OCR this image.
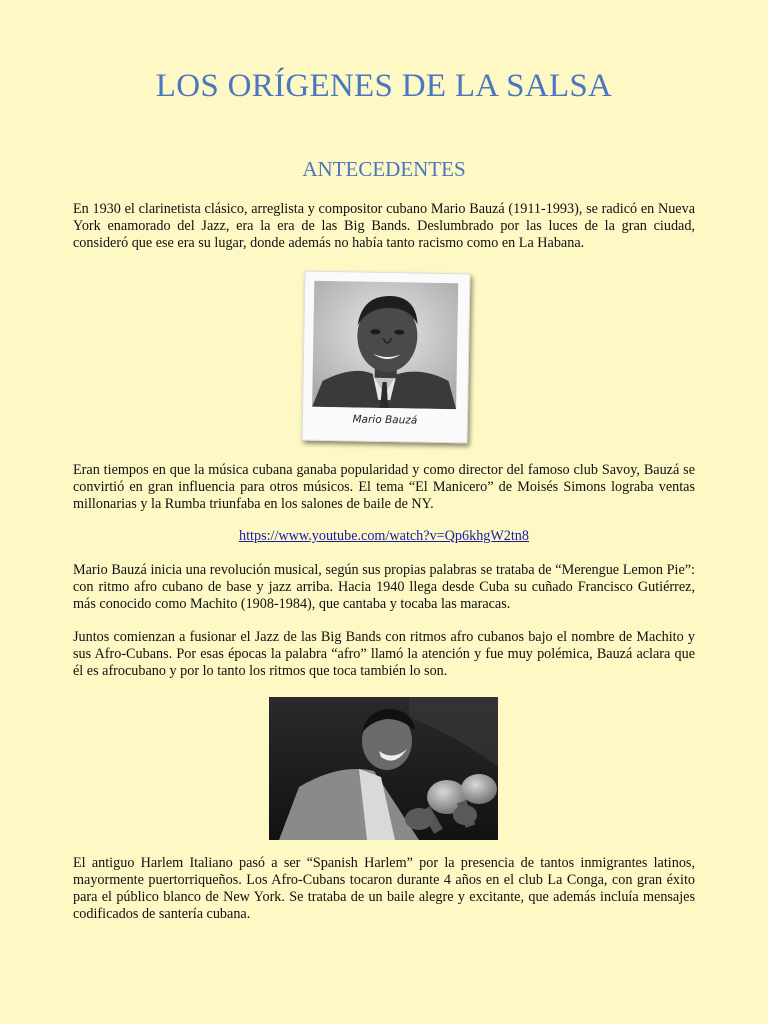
LOS ORÍGENES DE LA SALSA
ANTECEDENTES

En 1930 el clarinetista clásico, arreglista y compositor cubano Mario Bauzá (1911-1993), se radicó en Nueva York enamorado del Jazz, era la era de las Big Bands. Deslumbrado por las luces de la gran ciudad, consideró que ese era su lugar, donde además no había tanto racismo como en La Habana.

Mario Bauzá

Eran tiempos en que la música cubana ganaba popularidad y como director del famoso club Savoy, Bauzá se convirtió en gran influencia para otros músicos. El tema “El Manicero” de Moisés Simons lograba ventas millonarias y la Rumba triunfaba en los salones de baile de NY.

https://www.youtube.com/watch?v=Qp6khgW2tn8

Mario Bauzá inicia una revolución musical, según sus propias palabras se trataba de “Merengue Lemon Pie”: con ritmo afro cubano de base y jazz arriba. Hacia 1940 llega desde Cuba su cuñado Francisco Gutiérrez, más conocido como Machito (1908-1984), que cantaba y tocaba las maracas.

Juntos comienzan a fusionar el Jazz de las Big Bands con ritmos afro cubanos bajo el nombre de Machito y sus Afro-Cubans. Por esas épocas la palabra “afro” llamó la atención y fue muy polémica, Bauzá aclara que él es afrocubano y por lo tanto los ritmos que toca también lo son.

El antiguo Harlem Italiano pasó a ser “Spanish Harlem” por la presencia de tantos inmigrantes latinos, mayormente puertorriqueños. Los Afro-Cubans tocaron durante 4 años en el club La Conga, con gran éxito para el público blanco de New York. Se trataba de un baile alegre y excitante, que además incluía mensajes codificados de santería cubana.
